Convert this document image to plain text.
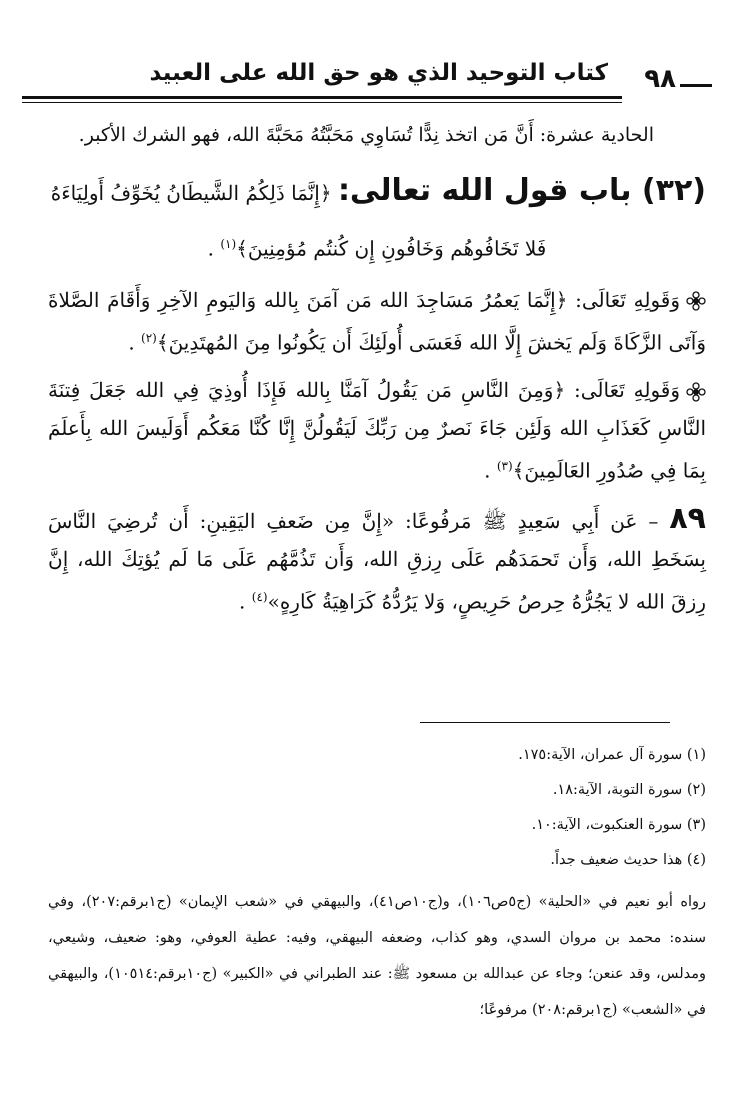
٩٨
كتاب التوحيد الذي هو حق الله على العبيد

الحادية عشرة: أَنَّ مَن اتخذ نِدًّا تُسَاوِي مَحَبَّتُهُ مَحَبَّةَ الله، فهو الشرك الأكبر.

(٣٢) باب قول الله تعالى: ﴿إِنَّمَا ذَلِكُمُ الشَّيطَانُ يُخَوِّفُ أَولِيَاءَهُ

فَلا تَخَافُوهُم وَخَافُونِ إِن كُنتُم مُؤمِنِينَ﴾$^{(١)}$ .

وَقَولِهِ تَعَالَى: ﴿إِنَّمَا يَعمُرُ مَسَاجِدَ الله مَن آمَنَ بِالله وَاليَومِ الآخِرِ وَأَقَامَ الصَّلاةَ وَآتَى الزَّكَاةَ وَلَم يَخشَ إِلَّا الله فَعَسَى أُولَئِكَ أَن يَكُونُوا مِنَ المُهتَدِينَ﴾$^{(٢)}$ .

وَقَولِهِ تَعَالَى: ﴿وَمِنَ النَّاسِ مَن يَقُولُ آمَنَّا بِالله فَإِذَا أُوذِيَ فِي الله جَعَلَ فِتنَةَ النَّاسِ كَعَذَابِ الله وَلَئِن جَاءَ نَصرٌ مِن رَبِّكَ لَيَقُولُنَّ إِنَّا كُنَّا مَعَكُم أَوَلَيسَ الله بِأَعلَمَ بِمَا فِي صُدُورِ العَالَمِينَ﴾$^{(٣)}$ .

٨٩ – عَن أَبِي سَعِيدٍ ﷺ مَرفُوعًا: «إِنَّ مِن ضَعفِ اليَقِينِ: أَن تُرضِيَ النَّاسَ بِسَخَطِ الله، وَأَن تَحمَدَهُم عَلَى رِزقِ الله، وَأَن تَذُمَّهُم عَلَى مَا لَم يُؤتِكَ الله، إِنَّ رِزقَ الله لا يَجُرُّهُ حِرصُ حَرِيصٍ، وَلا يَرُدُّهُ كَرَاهِيَةُ كَارِهٍ»$^{(٤)}$ .

(١) سورة آل عمران، الآية:١٧٥.

(٢) سورة التوبة، الآية:١٨.

(٣) سورة العنكبوت، الآية:١٠.

(٤) هذا حديث ضعيف جداً.

رواه أبو نعيم في «الحلية» (ج٥ص١٠٦)، و(ج١٠ص٤١)، والبيهقي في «شعب الإيمان» (ج١برقم:٢٠٧)، وفي سنده: محمد بن مروان السدي، وهو كذاب، وضعفه البيهقي، وفيه: عطية العوفي، وهو: ضعيف، وشيعي، ومدلس، وقد عنعن؛ وجاء عن عبدالله بن مسعود ﷺ: عند الطبراني في «الكبير» (ج١٠برقم:١٠٥١٤)، والبيهقي في «الشعب» (ج١برقم:٢٠٨) مرفوعًا؛
